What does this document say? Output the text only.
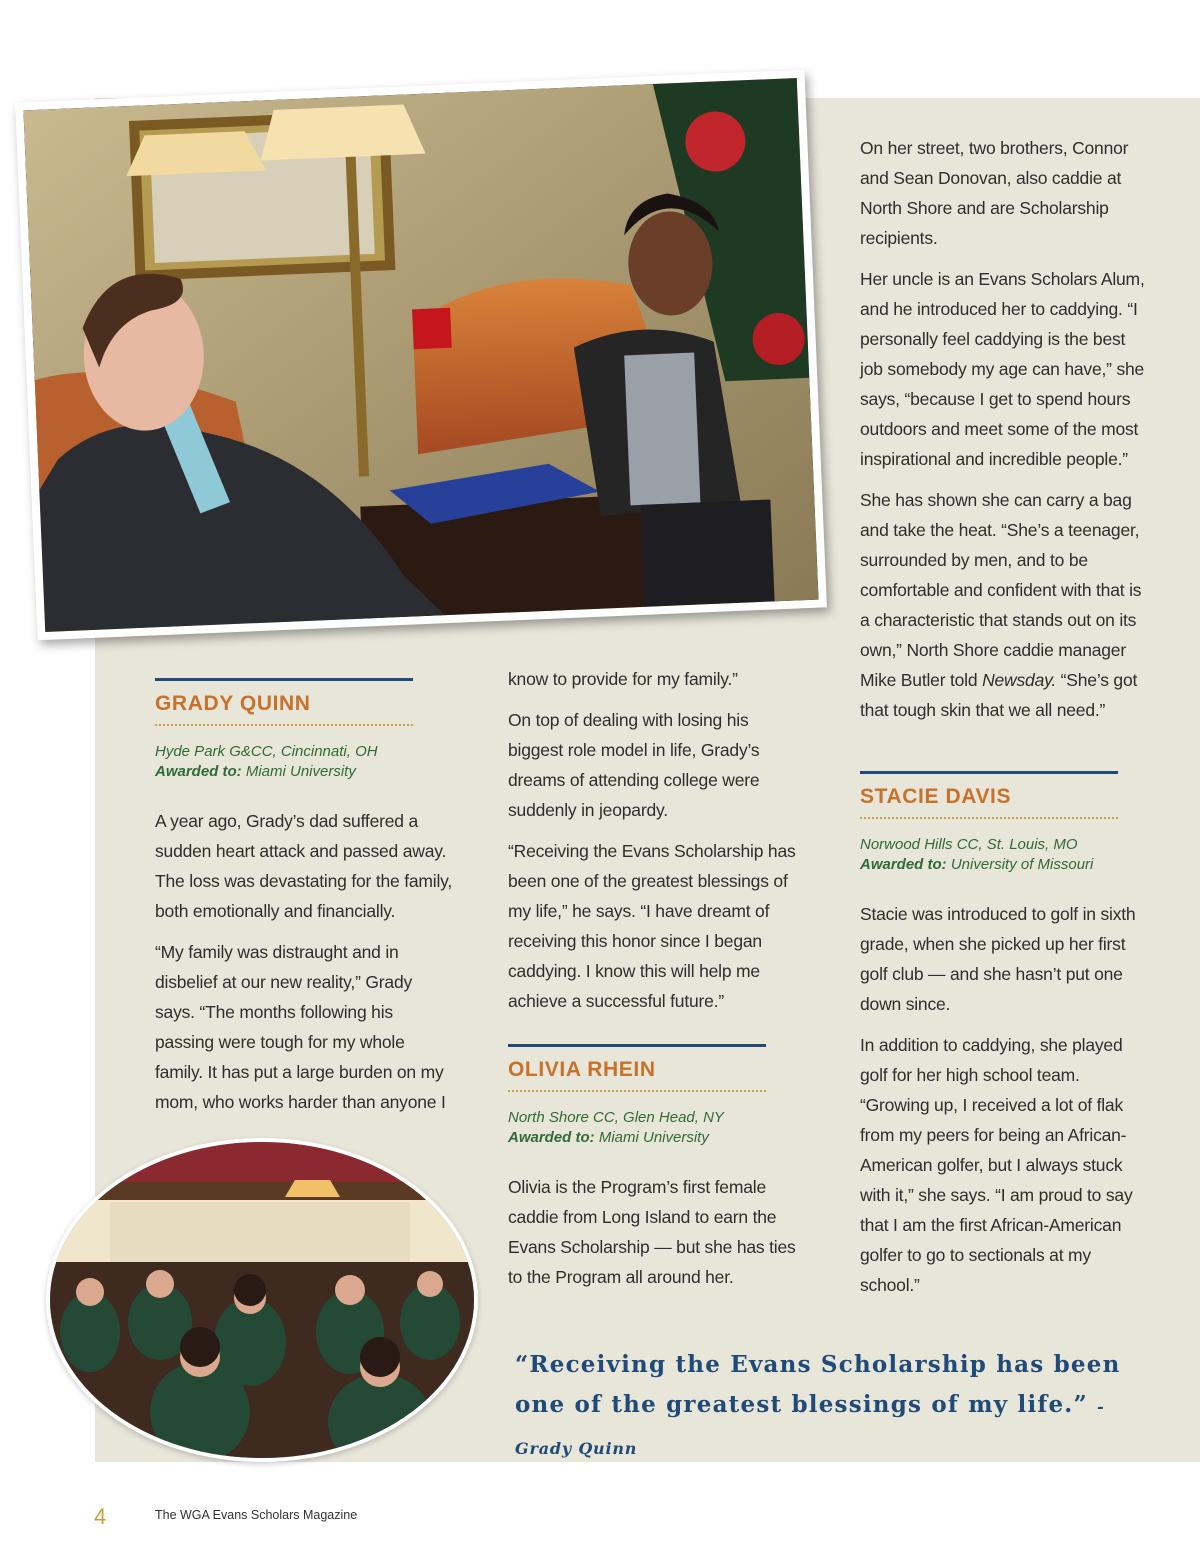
GRADY QUINN
Hyde Park G&CC, Cincinnati, OH
Awarded to: Miami University

A year ago, Grady’s dad suffered a sudden heart attack and passed away. The loss was devastating for the family, both emotionally and financially.

“My family was distraught and in disbelief at our new reality,” Grady says. “The months following his passing were tough for my whole family. It has put a large burden on my mom, who works harder than anyone I

know to provide for my family.”

On top of dealing with losing his biggest role model in life, Grady’s dreams of attending college were suddenly in jeopardy.

“Receiving the Evans Scholarship has been one of the greatest blessings of my life,” he says. “I have dreamt of receiving this honor since I began caddying. I know this will help me achieve a successful future.”

OLIVIA RHEIN
North Shore CC, Glen Head, NY
Awarded to: Miami University

Olivia is the Program’s first female caddie from Long Island to earn the Evans Scholarship — but she has ties to the Program all around her.

On her street, two brothers, Connor and Sean Donovan, also caddie at North Shore and are Scholarship recipients.

Her uncle is an Evans Scholars Alum, and he introduced her to caddying. “I personally feel caddying is the best job somebody my age can have,” she says, “because I get to spend hours outdoors and meet some of the most inspirational and incredible people.”

She has shown she can carry a bag and take the heat. “She’s a teenager, surrounded by men, and to be comfortable and confident with that is a characteristic that stands out on its own,” North Shore caddie manager Mike Butler told Newsday. “She’s got that tough skin that we all need.”

STACIE DAVIS
Norwood Hills CC, St. Louis, MO
Awarded to: University of Missouri

Stacie was introduced to golf in sixth grade, when she picked up her first golf club — and she hasn’t put one down since.

In addition to caddying, she played golf for her high school team. “Growing up, I received a lot of flak from my peers for being an African-American golfer, but I always stuck with it,” she says. “I am proud to say that I am the first African-American golfer to go to sectionals at my school.”

“Receiving the Evans Scholarship has been one of the greatest blessings of my life.” -Grady Quinn
4	The WGA Evans Scholars Magazine
